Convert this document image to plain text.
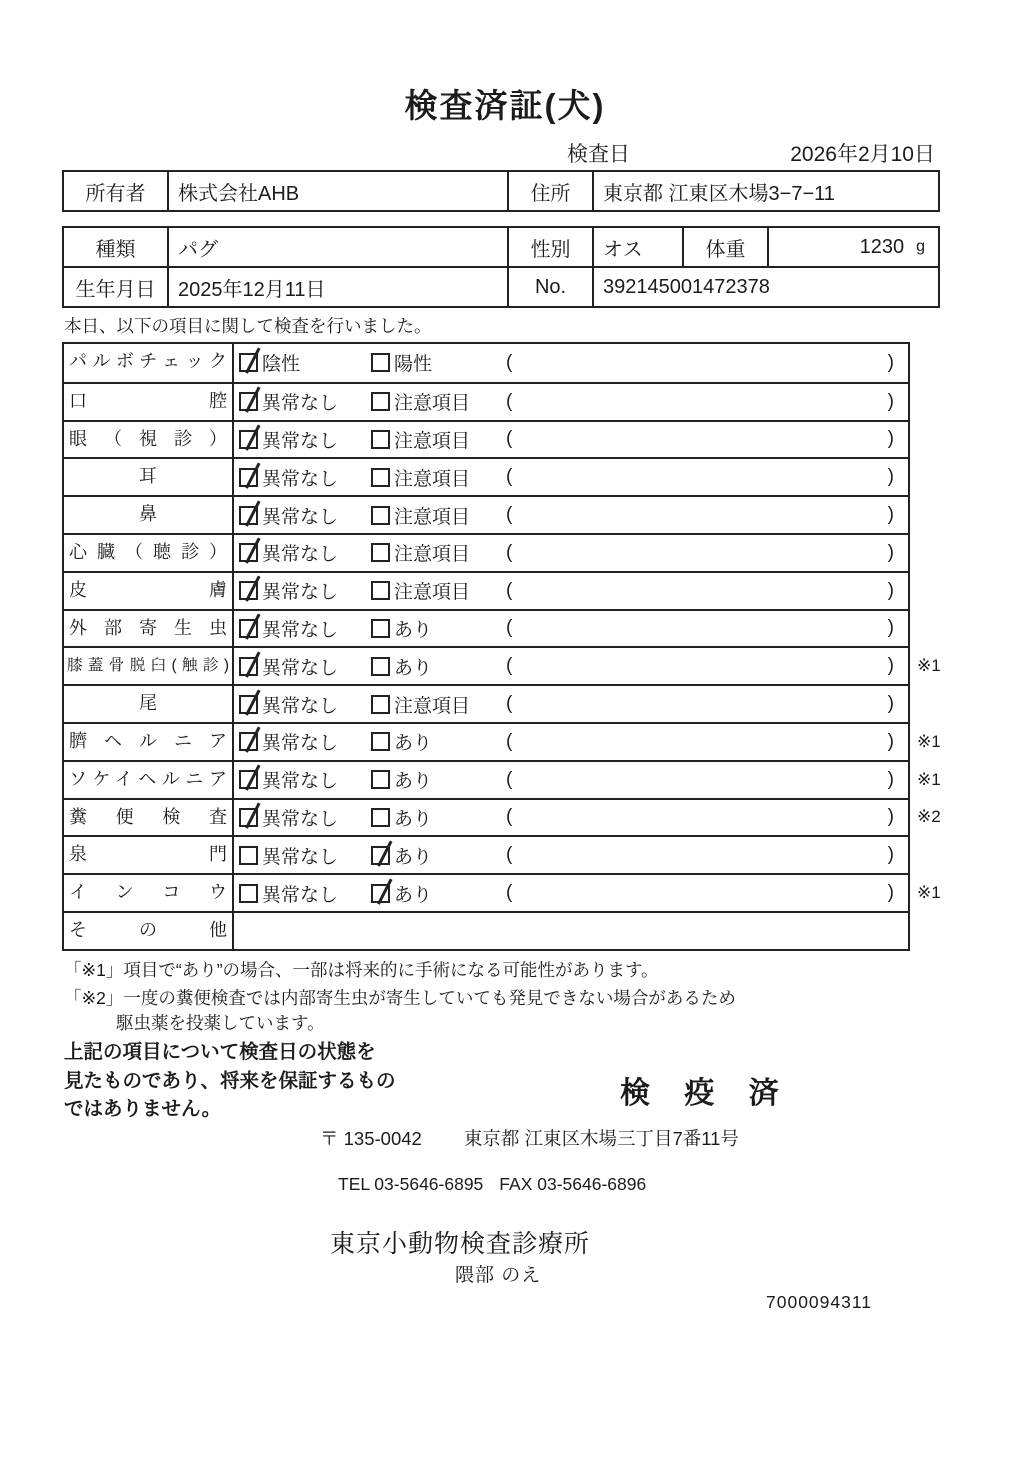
検査済証(犬)
検査日	2026年2月10日
所有者	株式会社AHB	住所	東京都 江東区木場3−7−11
種類	パグ	性別	オス	体重	1230 g
生年月日	2025年12月11日	No.	392145001472378
本日、以下の項目に関して検査を行いました。
パルボチェック	陰性	陽性	(	)
口腔	異常なし	注意項目 (	)
眼（視診）	異常なし	注意項目 (	)
耳	異常なし	注意項目 (	)
鼻	異常なし	注意項目 (	)
心臓（聴診）	異常なし	注意項目 (	)
皮膚	異常なし	注意項目 (	)
外部寄生虫	異常なし	あり	(	)
膝蓋骨脱臼(触診) 異常なし	あり	(	) ※1
尾	異常なし	注意項目 (	)
臍ヘルニア	異常なし	あり	(	) ※1
ソケイヘルニア	異常なし	あり	(	) ※1
糞便検査	異常なし	あり	(	) ※2
泉門	異常なし	あり	(	)
インコウ	異常なし	あり	(	) ※1
その他
「※1」項目で“あり”の場合、一部は将来的に手術になる可能性があります。
「※2」一度の糞便検査では内部寄生虫が寄生していても発見できない場合があるため
駆虫薬を投薬しています。
上記の項目について検査日の状態を
見たものであり、将来を保証するもの
ではありません。	検 疫 済
〒 135-0042 東京都 江東区木場三丁目7番11号
TEL 03-5646-6895 FAX 03-5646-6896
東京小動物検査診療所
隈部 のえ
7000094311
